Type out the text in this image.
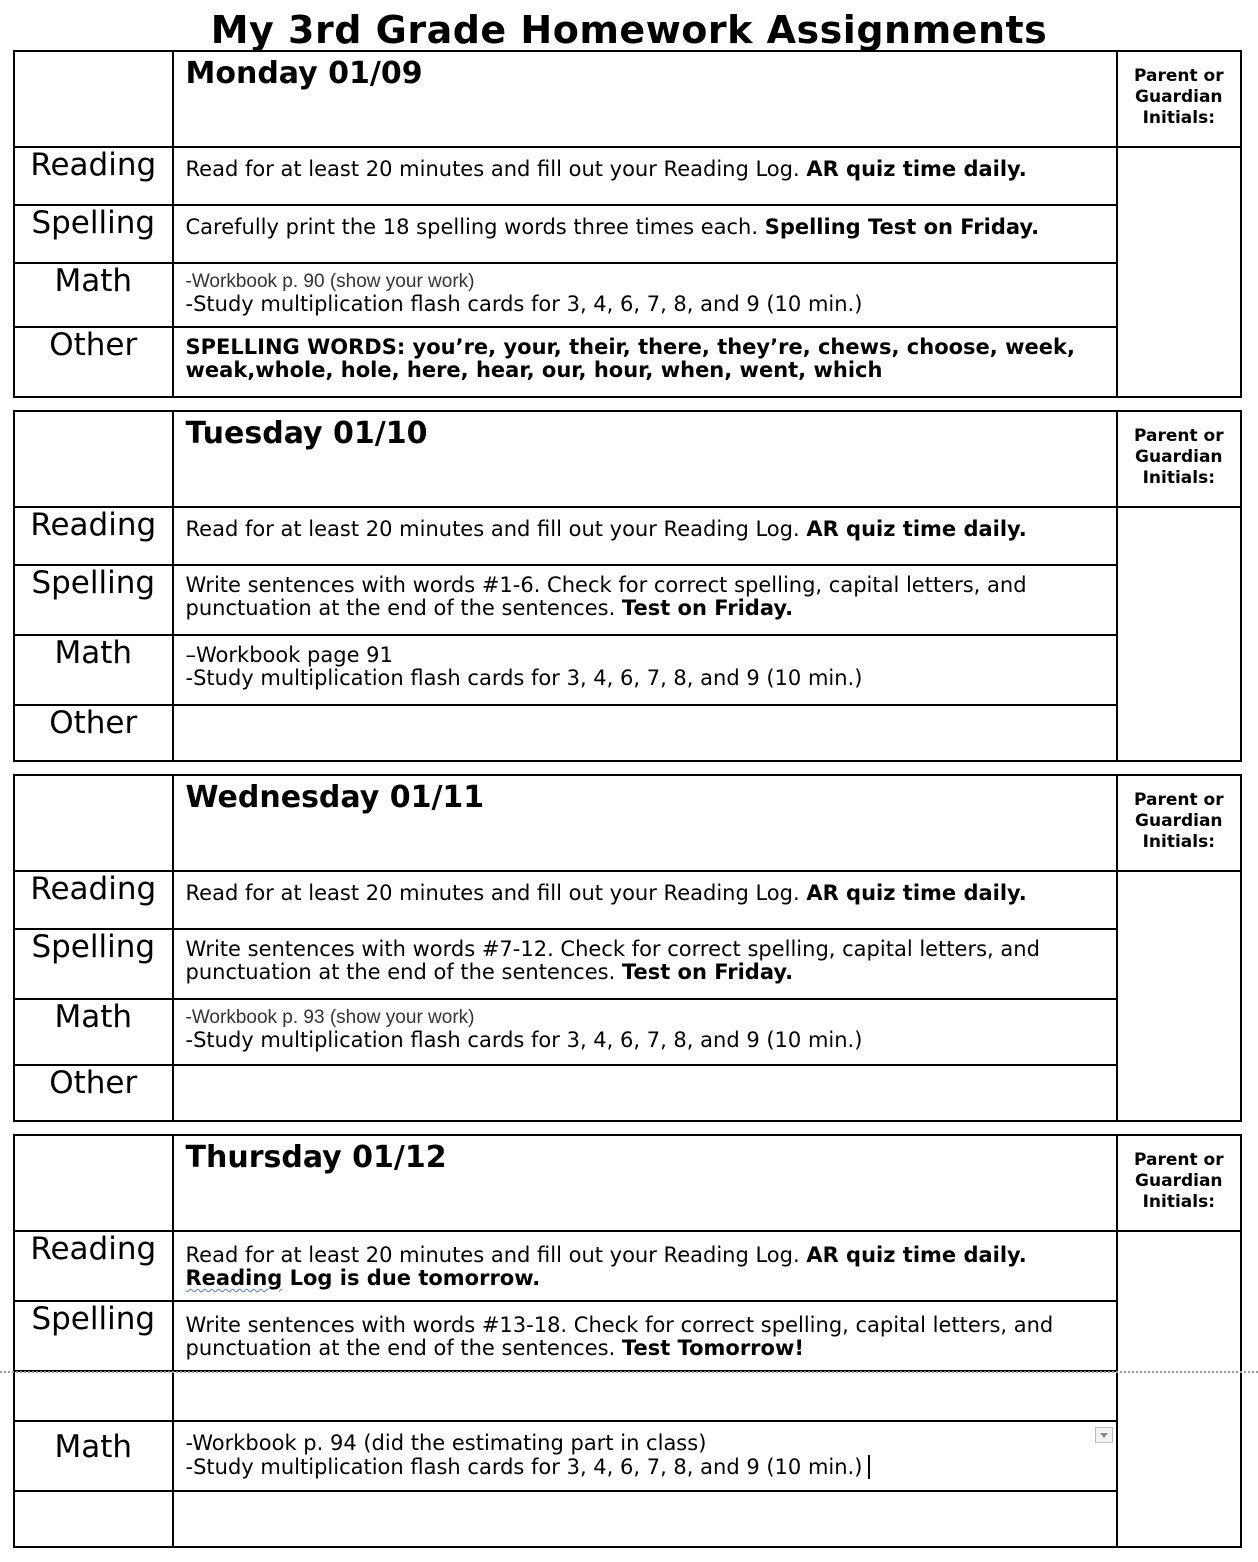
My 3rd Grade Homework Assignments

	Monday 01/09	Parent or
Guardian
Initials:

Reading	Read for at least 20 minutes and fill out your Reading Log. AR quiz time daily.	

Spelling	Carefully print the 18 spelling words three times each. Spelling Test on Friday.	

Math	-Workbook p. 90 (show your work)
-Study multiplication flash cards for 3, 4, 6, 7, 8, and 9 (10 min.)	

Other	SPELLING WORDS: you’re, your, their, there, they’re, chews, choose, week,
weak,whole, hole, here, hear, our, hour, when, went, which	

	Tuesday 01/10	Parent or
Guardian
Initials:

Reading	Read for at least 20 minutes and fill out your Reading Log. AR quiz time daily.	

Spelling	Write sentences with words #1-6. Check for correct spelling, capital letters, and
punctuation at the end of the sentences. Test on Friday.	

Math	–Workbook page 91
-Study multiplication flash cards for 3, 4, 6, 7, 8, and 9 (10 min.)	

Other		

	Wednesday 01/11	Parent or
Guardian
Initials:

Reading	Read for at least 20 minutes and fill out your Reading Log. AR quiz time daily.	

Spelling	Write sentences with words #7-12. Check for correct spelling, capital letters, and
punctuation at the end of the sentences. Test on Friday.	

Math	-Workbook p. 93 (show your work)
-Study multiplication flash cards for 3, 4, 6, 7, 8, and 9 (10 min.)	

Other		

	Thursday 01/12	Parent or
Guardian
Initials:

Reading	Read for at least 20 minutes and fill out your Reading Log. AR quiz time daily.
Reading Log is due tomorrow.	

Spelling	Write sentences with words #13-18. Check for correct spelling, capital letters, and
punctuation at the end of the sentences. Test Tomorrow!	

Math	-Workbook p. 94 (did the estimating part in class)
-Study multiplication flash cards for 3, 4, 6, 7, 8, and 9 (10 min.)	
